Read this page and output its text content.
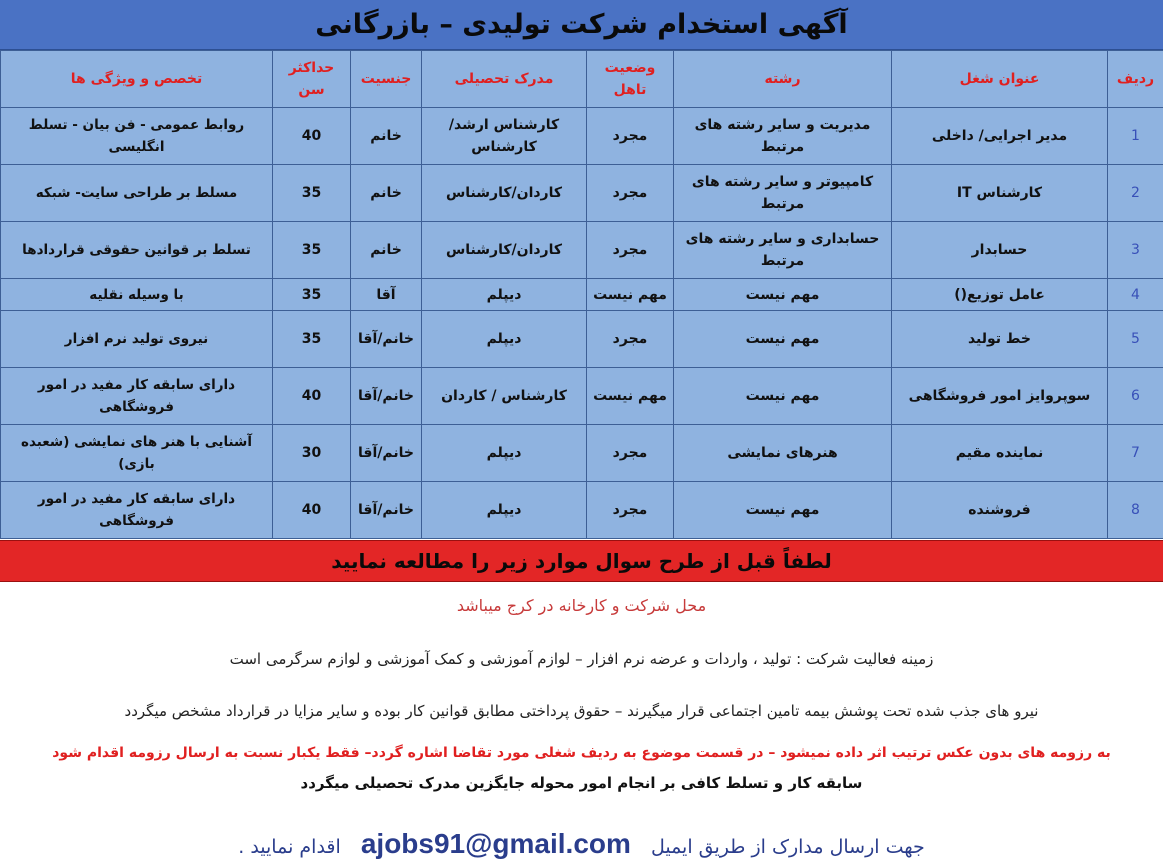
آگهی استخدام شرکت تولیدی – بازرگانی
ردیف	عنوان شغل	رشته	وضعیت تاهل	مدرک تحصیلی	جنسیت	حداکثر سن	تخصص و ویژگی ها
1	مدیر اجرایی/ داخلی	مدیریت و سایر رشته های مرتبط	مجرد	کارشناس ارشد/ کارشناس	خانم	40	روابط عمومی - فن بیان - تسلط انگلیسی
2	کارشناس IT	کامپیوتر و سایر رشته های مرتبط	مجرد	کاردان/کارشناس	خانم	35	مسلط بر طراحی سایت- شبکه
3	حسابدار	حسابداری و سایر رشته های مرتبط	مجرد	کاردان/کارشناس	خانم	35	تسلط بر قوانین حقوقی قراردادها
4	عامل توزیع()	مهم نیست	مهم نیست	دیپلم	آقا	35	با وسیله نقلیه
5	خط تولید	مهم نیست	مجرد	دیپلم	خانم/آقا	35	نیروی تولید نرم افزار
6	سوپروایز امور فروشگاهی	مهم نیست	مهم نیست	کارشناس / کاردان	خانم/آقا	40	دارای سابقه کار مفید در امور فروشگاهی
7	نماینده مقیم	هنرهای نمایشی	مجرد	دیپلم	خانم/آقا	30	آشنایی با هنر های نمایشی (شعبده بازی)
8	فروشنده	مهم نیست	مجرد	دیپلم	خانم/آقا	40	دارای سابقه کار مفید در امور فروشگاهی
لطفاً قبل از طرح سوال موارد زیر را مطالعه نمایید
محل شرکت و کارخانه در کرج میباشد
زمینه فعالیت شرکت : تولید ، واردات و عرضه نرم افزار – لوازم آموزشی و کمک آموزشی و لوازم سرگرمی است
نیرو های جذب شده تحت پوشش بیمه تامین اجتماعی قرار میگیرند – حقوق پرداختی مطابق قوانین کار بوده و سایر مزایا در قرارداد مشخص میگردد
به رزومه های بدون عکس ترتیب اثر داده نمیشود – در قسمت موضوع به ردیف شغلی مورد تقاضا اشاره گردد– فقط یکبار نسبت به ارسال رزومه اقدام شود
سابقه کار و تسلط کافی بر انجام امور محوله جایگزین مدرک تحصیلی میگردد
جهت ارسال مدارک از طریق ایمیل ajobs91@gmail.com اقدام نمایید .
